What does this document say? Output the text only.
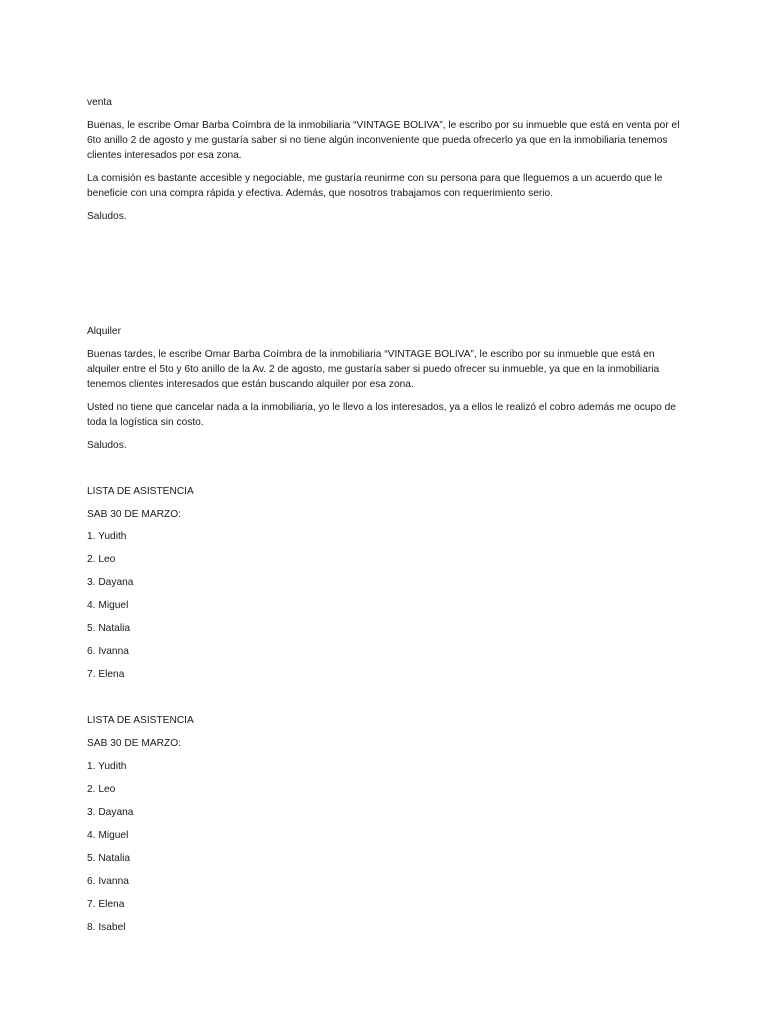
venta

Buenas, le escribe Omar Barba Coímbra de la inmobiliaria “VINTAGE BOLIVA”, le escribo por su inmueble que está en venta por el 6to anillo 2 de agosto y me gustaría saber si no tiene algún inconveniente que pueda ofrecerlo ya que en la inmobiliaria tenemos clientes interesados por esa zona.

La comisión es bastante accesible y negociable, me gustaría reunirme con su persona para que lleguemos a un acuerdo que le beneficie con una compra rápida y efectiva. Además, que nosotros trabajamos con requerimiento serio.

Saludos.

Alquiler

Buenas tardes, le escribe Omar Barba Coímbra de la inmobiliaria “VINTAGE BOLIVA”, le escribo por su inmueble que está en alquiler entre el 5to y 6to anillo de la Av. 2 de agosto, me gustaría saber si puedo ofrecer su inmueble, ya que en la inmobiliaria tenemos clientes interesados que están buscando alquiler por esa zona.

Usted no tiene que cancelar nada a la inmobiliaria, yo le llevo a los interesados, ya a ellos le realizó el cobro además me ocupo de toda la logística sin costo.

Saludos.

LISTA DE ASISTENCIA
SAB 30 DE MARZO:
1. Yudith
2. Leo
3. Dayana
4. Miguel
5. Natalia
6. Ivanna
7. Elena
LISTA DE ASISTENCIA
SAB 30 DE MARZO:
1. Yudith
2. Leo
3. Dayana
4. Miguel
5. Natalia
6. Ivanna
7. Elena
8. Isabel
